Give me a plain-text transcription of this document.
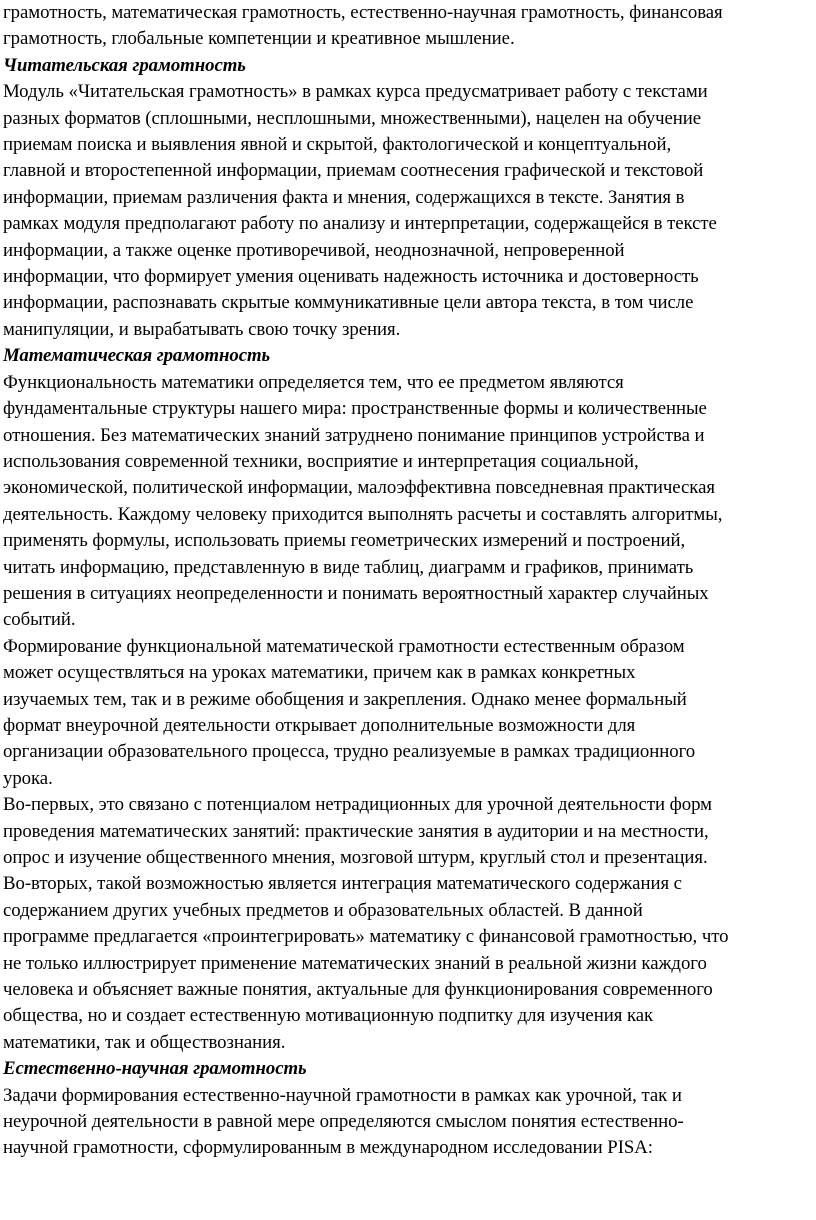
грамотность, математическая грамотность, естественно-научная грамотность, финансовая
грамотность, глобальные компетенции и креативное мышление.

Читательская грамотность

Модуль «Читательская грамотность» в рамках курса предусматривает работу с текстами
разных форматов (сплошными, несплошными, множественными), нацелен на обучение
приемам поиска и выявления явной и скрытой, фактологической и концептуальной,
главной и второстепенной информации, приемам соотнесения графической и текстовой
информации, приемам различения факта и мнения, содержащихся в тексте. Занятия в
рамках модуля предполагают работу по анализу и интерпретации, содержащейся в тексте
информации, а также оценке противоречивой, неоднозначной, непроверенной
информации, что формирует умения оценивать надежность источника и достоверность
информации, распознавать скрытые коммуникативные цели автора текста, в том числе
манипуляции, и вырабатывать свою точку зрения.

Математическая грамотность

Функциональность математики определяется тем, что ее предметом являются
фундаментальные структуры нашего мира: пространственные формы и количественные
отношения. Без математических знаний затруднено понимание принципов устройства и
использования современной техники, восприятие и интерпретация социальной,
экономической, политической информации, малоэффективна повседневная практическая
деятельность. Каждому человеку приходится выполнять расчеты и составлять алгоритмы,
применять формулы, использовать приемы геометрических измерений и построений,
читать информацию, представленную в виде таблиц, диаграмм и графиков, принимать
решения в ситуациях неопределенности и понимать вероятностный характер случайных
событий.

Формирование функциональной математической грамотности естественным образом
может осуществляться на уроках математики, причем как в рамках конкретных
изучаемых тем, так и в режиме обобщения и закрепления. Однако менее формальный
формат внеурочной деятельности открывает дополнительные возможности для
организации образовательного процесса, трудно реализуемые в рамках традиционного
урока.

Во-первых, это связано с потенциалом нетрадиционных для урочной деятельности форм
проведения математических занятий: практические занятия в аудитории и на местности,
опрос и изучение общественного мнения, мозговой штурм, круглый стол и презентация.
Во-вторых, такой возможностью является интеграция математического содержания с
содержанием других учебных предметов и образовательных областей. В данной
программе предлагается «проинтегрировать» математику с финансовой грамотностью, что
не только иллюстрирует применение математических знаний в реальной жизни каждого
человека и объясняет важные понятия, актуальные для функционирования современного
общества, но и создает естественную мотивационную подпитку для изучения как
математики, так и обществознания.

Естественно-научная грамотность

Задачи формирования естественно-научной грамотности в рамках как урочной, так и
неурочной деятельности в равной мере определяются смыслом понятия естественно-
научной грамотности, сформулированным в международном исследовании PISA:
